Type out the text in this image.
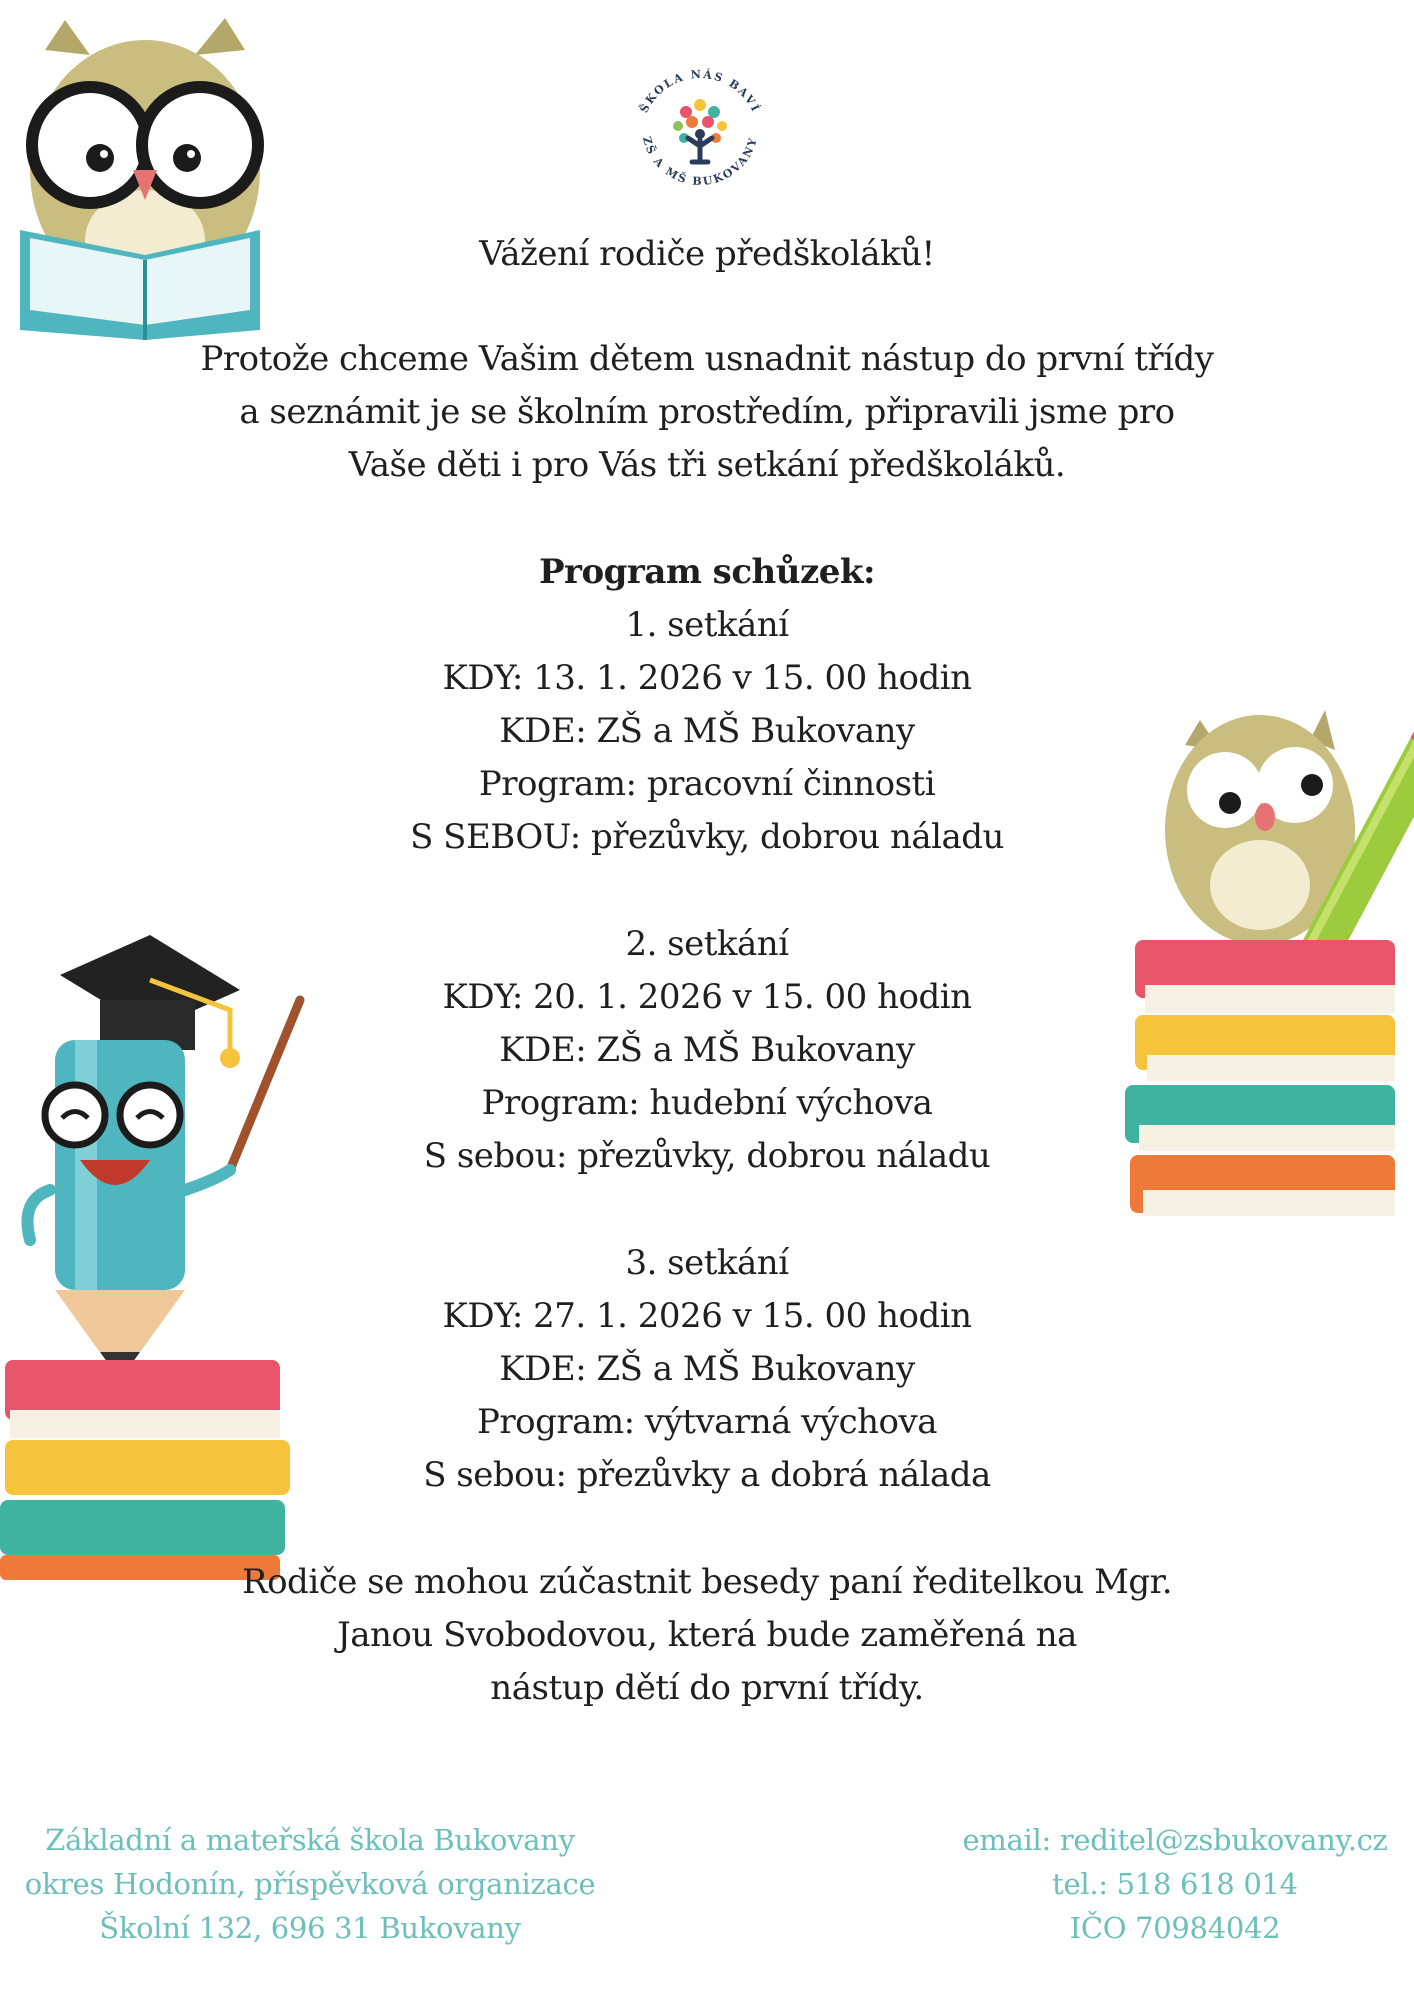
ŠKOLA NÁS BAVÍ
ZŠ A MŠ BUKOVANY

Vážení rodiče předškoláků!

Protože chceme Vašim dětem usnadnit nástup do první třídy

a seznámit je se školním prostředím, připravili jsme pro

Vaše děti i pro Vás tři setkání předškoláků.

Program schůzek:

1. setkání

KDY: 13. 1. 2026 v 15. 00 hodin

KDE: ZŠ a MŠ Bukovany

Program: pracovní činnosti

S SEBOU: přezůvky, dobrou náladu

2. setkání

KDY: 20. 1. 2026 v 15. 00 hodin

KDE: ZŠ a MŠ Bukovany

Program: hudební výchova

S sebou: přezůvky, dobrou náladu

3. setkání

KDY: 27. 1. 2026 v 15. 00 hodin

KDE: ZŠ a MŠ Bukovany

Program: výtvarná výchova

S sebou: přezůvky a dobrá nálada

Rodiče se mohou zúčastnit besedy paní ředitelkou Mgr.

Janou Svobodovou, která bude zaměřená na

nástup dětí do první třídy.

Základní a mateřská škola Bukovany
okres Hodonín, příspěvková organizace
Školní 132, 696 31 Bukovany
email: reditel@zsbukovany.cz
tel.: 518 618 014
IČO 70984042
